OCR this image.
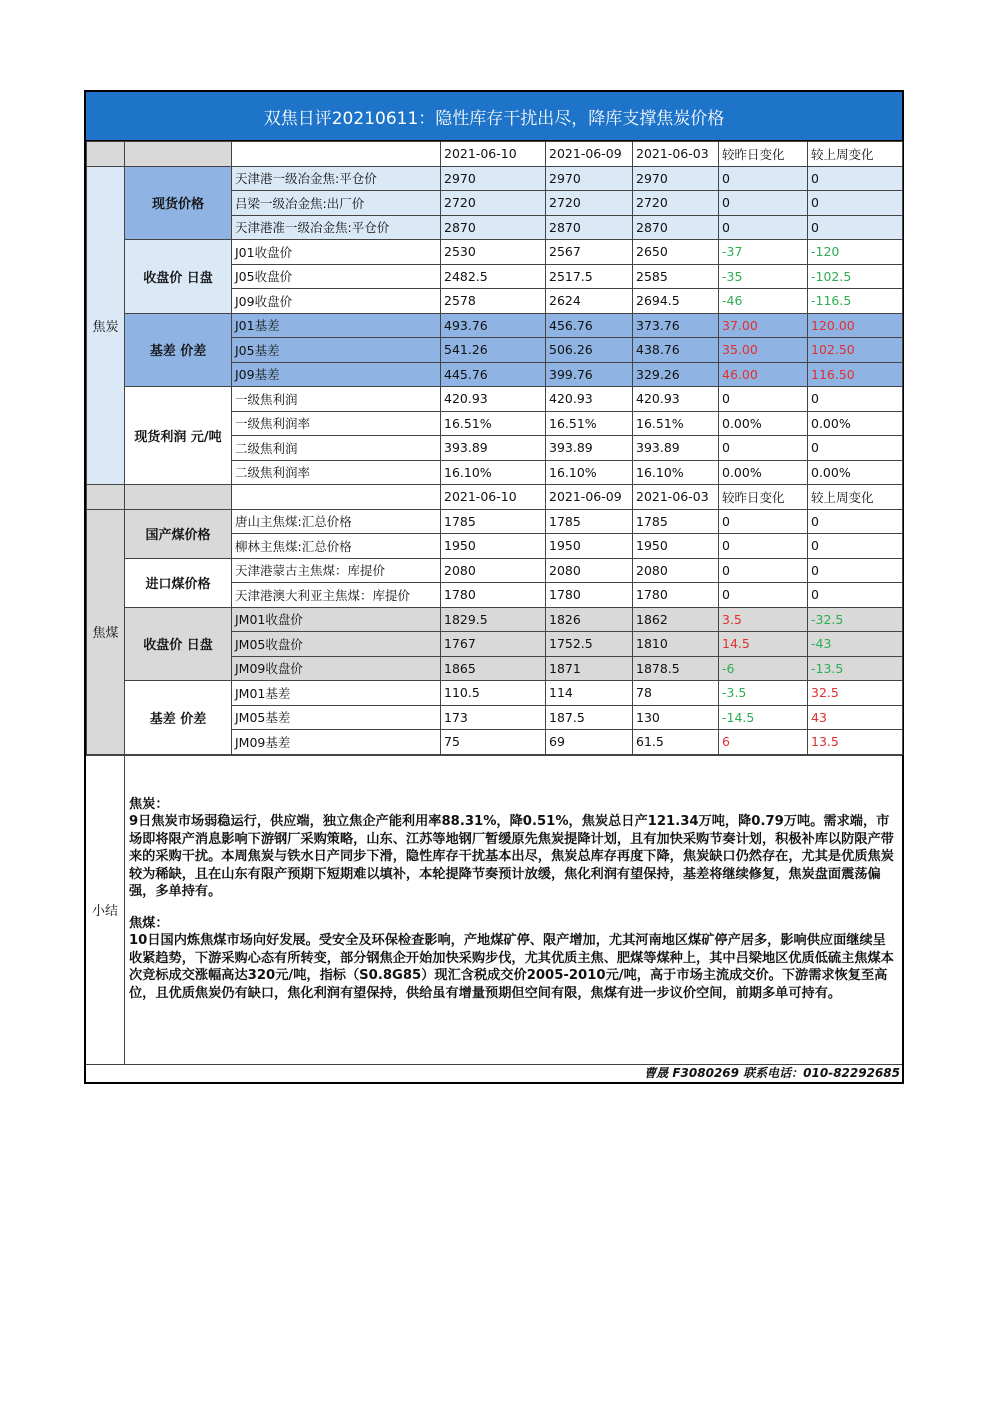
双焦日评20210611：隐性库存干扰出尽，降库支撑焦炭价格
			2021-06-10	2021-06-09	2021-06-03	较昨日变化	较上周变化
焦炭	现货价格	天津港一级冶金焦:平仓价	2970	2970	2970	0	0
		吕梁一级冶金焦:出厂价	2720	2720	2720	0	0
		天津港准一级冶金焦:平仓价	2870	2870	2870	0	0
	收盘价 日盘	J01收盘价	2530	2567	2650	-37	-120
		J05收盘价	2482.5	2517.5	2585	-35	-102.5
		J09收盘价	2578	2624	2694.5	-46	-116.5
	基差 价差	J01基差	493.76	456.76	373.76	37.00	120.00
		J05基差	541.26	506.26	438.76	35.00	102.50
		J09基差	445.76	399.76	329.26	46.00	116.50
	现货利润 元/吨	一级焦利润	420.93	420.93	420.93	0	0
		一级焦利润率	16.51%	16.51%	16.51%	0.00%	0.00%
		二级焦利润	393.89	393.89	393.89	0	0
		二级焦利润率	16.10%	16.10%	16.10%	0.00%	0.00%
			2021-06-10	2021-06-09	2021-06-03	较昨日变化	较上周变化
焦煤	国产煤价格	唐山主焦煤:汇总价格	1785	1785	1785	0	0
		柳林主焦煤:汇总价格	1950	1950	1950	0	0
	进口煤价格	天津港蒙古主焦煤：库提价	2080	2080	2080	0	0
		天津港澳大利亚主焦煤：库提价	1780	1780	1780	0	0
	收盘价 日盘	JM01收盘价	1829.5	1826	1862	3.5	-32.5
		JM05收盘价	1767	1752.5	1810	14.5	-43
		JM09收盘价	1865	1871	1878.5	-6	-13.5
	基差 价差	JM01基差	110.5	114	78	-3.5	32.5
		JM05基差	173	187.5	130	-14.5	43
		JM09基差	75	69	61.5	6	13.5
小结

焦炭：

9日焦炭市场弱稳运行，供应端，独立焦企产能利用率88.31%，降0.51%，焦炭总日产121.34万吨，降0.79万吨。需求端，市场即将限产消息影响下游钢厂采购策略，山东、江苏等地钢厂暂缓原先焦炭提降计划，且有加快采购节奏计划，积极补库以防限产带来的采购干扰。本周焦炭与铁水日产同步下滑，隐性库存干扰基本出尽，焦炭总库存再度下降，焦炭缺口仍然存在，尤其是优质焦炭较为稀缺，且在山东有限产预期下短期难以填补，本轮提降节奏预计放缓，焦化利润有望保持，基差将继续修复，焦炭盘面震荡偏强，多单持有。

焦煤：

10日国内炼焦煤市场向好发展。受安全及环保检查影响，产地煤矿停、限产增加，尤其河南地区煤矿停产居多，影响供应面继续呈收紧趋势，下游采购心态有所转变，部分钢焦企开始加快采购步伐，尤其优质主焦、肥煤等煤种上，其中吕梁地区优质低硫主焦煤本次竞标成交涨幅高达320元/吨，指标（S0.8G85）现汇含税成交价2005-2010元/吨，高于市场主流成交价。下游需求恢复至高位，且优质焦炭仍有缺口，焦化利润有望保持，供给虽有增量预期但空间有限，焦煤有进一步议价空间，前期多单可持有。

曹晟 F3080269 联系电话：010-82292685
